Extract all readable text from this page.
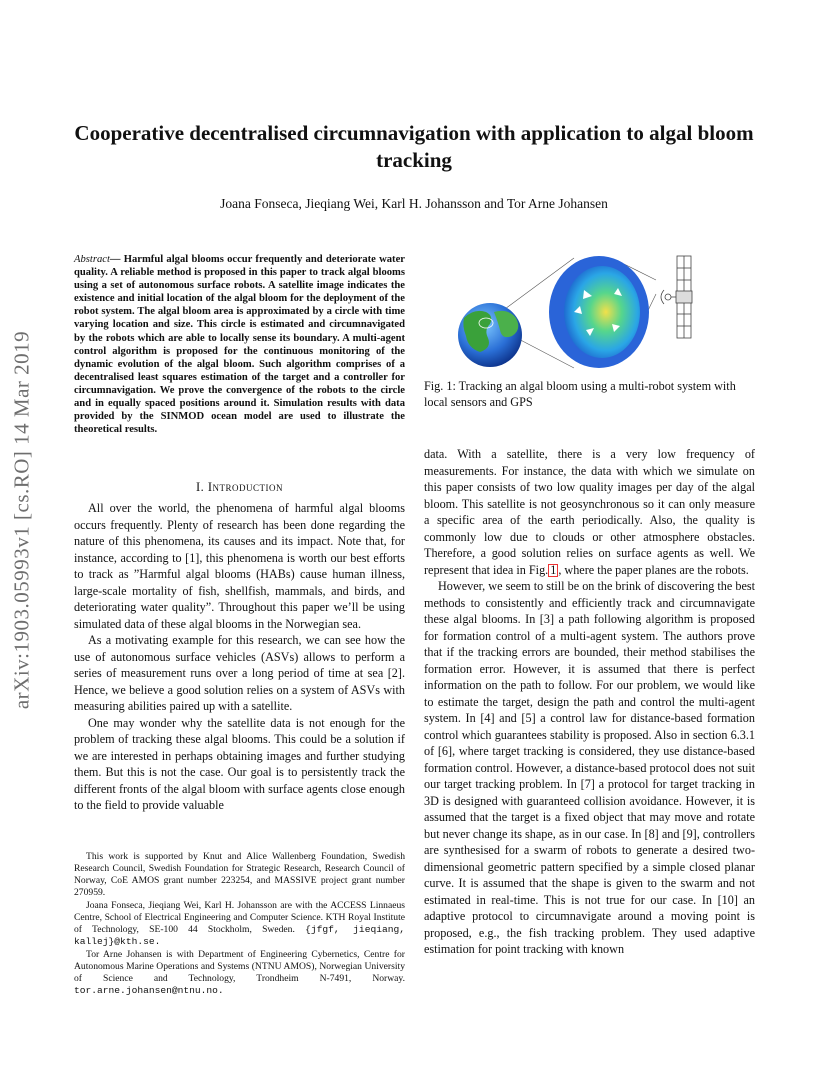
arXiv:1903.05993v1 [cs.RO] 14 Mar 2019
Cooperative decentralised circumnavigation with application to algal bloom tracking
Joana Fonseca, Jieqiang Wei, Karl H. Johansson and Tor Arne Johansen
Abstract— Harmful algal blooms occur frequently and deteriorate water quality. A reliable method is proposed in this paper to track algal blooms using a set of autonomous surface robots. A satellite image indicates the existence and initial location of the algal bloom for the deployment of the robot system. The algal bloom area is approximated by a circle with time varying location and size. This circle is estimated and circumnavigated by the robots which are able to locally sense its boundary. A multi-agent control algorithm is proposed for the continuous monitoring of the dynamic evolution of the algal bloom. Such algorithm comprises of a decentralised least squares estimation of the target and a controller for circumnavigation. We prove the convergence of the robots to the circle and in equally spaced positions around it. Simulation results with data provided by the SINMOD ocean model are used to illustrate the theoretical results.
I. Introduction

All over the world, the phenomena of harmful algal blooms occurs frequently. Plenty of research has been done regarding the nature of this phenomena, its causes and its impact. Note that, for instance, according to [1], this phenomena is worth our best efforts to track as ”Harmful algal blooms (HABs) cause human illness, large-scale mortality of fish, shellfish, mammals, and birds, and deteriorating water quality”. Throughout this paper we’ll be using simulated data of these algal blooms in the Norwegian sea.

As a motivating example for this research, we can see how the use of autonomous surface vehicles (ASVs) allows to perform a series of measurement runs over a long period of time at sea [2]. Hence, we believe a good solution relies on a system of ASVs with measuring abilities paired up with a satellite.

One may wonder why the satellite data is not enough for the problem of tracking these algal blooms. This could be a solution if we are interested in perhaps obtaining images and further studying them. But this is not the case. Our goal is to persistently track the different fronts of the algal bloom with surface agents close enough to the field to provide valuable

This work is supported by Knut and Alice Wallenberg Foundation, Swedish Research Council, Swedish Foundation for Strategic Research, Research Council of Norway, CoE AMOS grant number 223254, and MASSIVE project grant number 270959.

Joana Fonseca, Jieqiang Wei, Karl H. Johansson are with the ACCESS Linnaeus Centre, School of Electrical Engineering and Computer Science. KTH Royal Institute of Technology, SE-100 44 Stockholm, Sweden. {jfgf, jieqiang, kallej}@kth.se.

Tor Arne Johansen is with Department of Engineering Cybernetics, Centre for Autonomous Marine Operations and Systems (NTNU AMOS), Norwegian University of Science and Technology, Trondheim N-7491, Norway. tor.arne.johansen@ntnu.no.

Fig. 1: Tracking an algal bloom using a multi-robot system with local sensors and GPS

data. With a satellite, there is a very low frequency of measurements. For instance, the data with which we simulate on this paper consists of two low quality images per day of the algal bloom. This satellite is not geosynchronous so it can only measure a specific area of the earth periodically. Also, the quality is commonly low due to clouds or other atmosphere obstacles. Therefore, a good solution relies on surface agents as well. We represent that idea in Fig. 1 , where the paper planes are the robots.

However, we seem to still be on the brink of discovering the best methods to consistently and efficiently track and circumnavigate these algal blooms. In [3] a path following algorithm is proposed for formation control of a multi-agent system. The authors prove that if the tracking errors are bounded, their method stabilises the formation error. However, it is assumed that there is perfect information on the path to follow. For our problem, we would like to estimate the target, design the path and control the multi-agent system. In [4] and [5] a control law for distance-based formation control which guarantees stability is proposed. Also in section 6.3.1 of [6], where target tracking is considered, they use distance-based formation control. However, a distance-based protocol does not suit our target tracking problem. In [7] a protocol for target tracking in 3D is designed with guaranteed collision avoidance. However, it is assumed that the target is a fixed object that may move and rotate but never change its shape, as in our case. In [8] and [9], controllers are synthesised for a swarm of robots to generate a desired two-dimensional geometric pattern specified by a simple closed planar curve. It is assumed that the shape is given to the swarm and not estimated in real-time. This is not true for our case. In [10] an adaptive protocol to circumnavigate around a moving point is proposed, e.g., the fish tracking problem. They used adaptive estimation for point tracking with known
